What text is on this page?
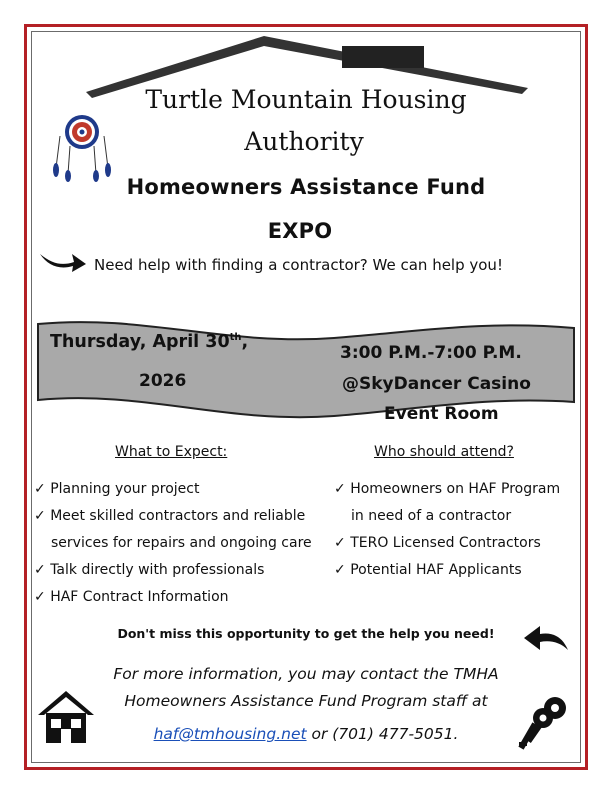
Turtle Mountain Housing
Authority
Homeowners Assistance Fund
EXPO
Need help with finding a contractor? We can help you!
Thursday, April 30th,
2026
3:00 P.M.-7:00 P.M.
@SkyDancer Casino
Event Room
What to Expect:	Who should attend?
✓ Planning your project
✓ Meet skilled contractors and reliable
services for repairs and ongoing care
✓ Talk directly with professionals
✓ HAF Contract Information
✓ Homeowners on HAF Program
in need of a contractor
✓ TERO Licensed Contractors
✓ Potential HAF Applicants
Don't miss this opportunity to get the help you need!
For more information, you may contact the TMHA
Homeowners Assistance Fund Program staff at
haf@tmhousing.net or (701) 477-5051.
